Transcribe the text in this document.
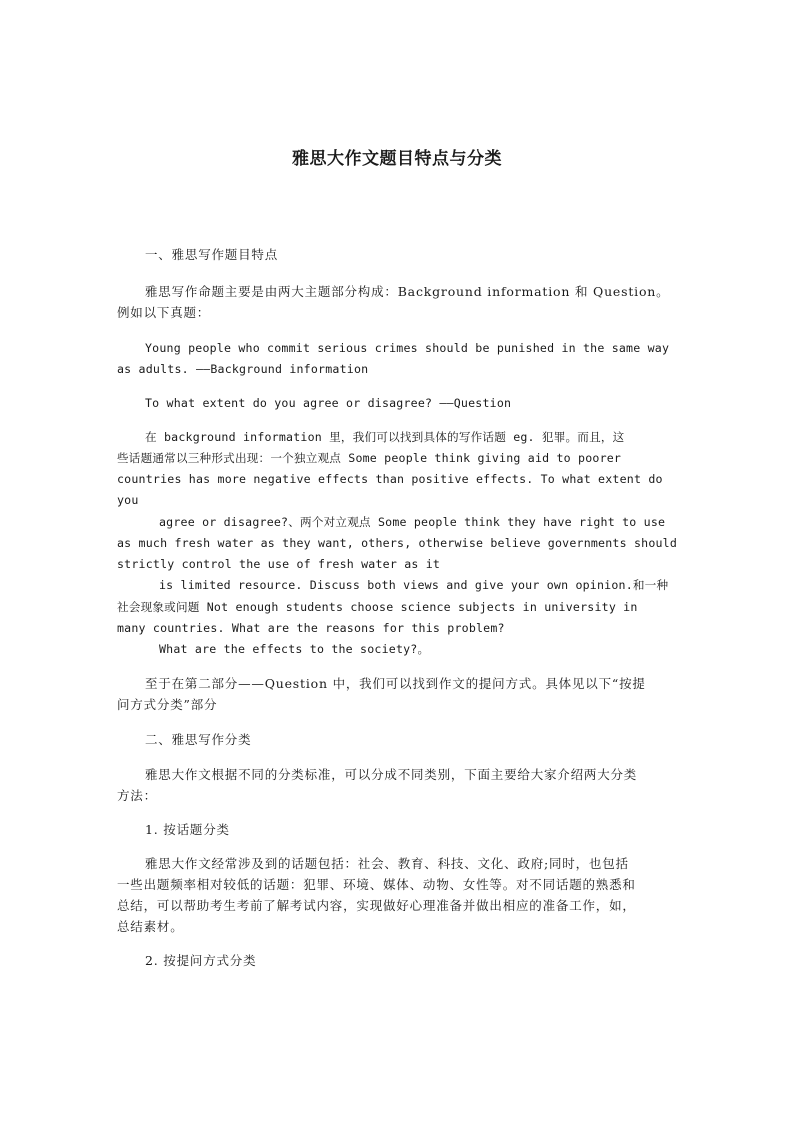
雅思大作文题目特点与分类
一、雅思写作题目特点
雅思写作命题主要是由两大主题部分构成：Background information 和 Question。
例如以下真题：
Young people who commit serious crimes should be punished in the same way
as adults. ——Background information
To what extent do you agree or disagree? ——Question
在 background information 里，我们可以找到具体的写作话题 eg. 犯罪。而且，这
些话题通常以三种形式出现：一个独立观点 Some people think giving aid to poorer
countries has more negative effects than positive effects. To what extent do
you
agree or disagree?、两个对立观点 Some people think they have right to use
as much fresh water as they want, others, otherwise believe governments should
strictly control the use of fresh water as it
is limited resource. Discuss both views and give your own opinion.和一种
社会现象或问题 Not enough students choose science subjects in university in
many countries. What are the reasons for this problem?
What are the effects to the society?。
至于在第二部分——Question 中，我们可以找到作文的提问方式。具体见以下“按提
问方式分类”部分
二、雅思写作分类
雅思大作文根据不同的分类标准，可以分成不同类别，下面主要给大家介绍两大分类
方法：
1. 按话题分类
雅思大作文经常涉及到的话题包括：社会、教育、科技、文化、政府;同时，也包括
一些出题频率相对较低的话题：犯罪、环境、媒体、动物、女性等。对不同话题的熟悉和
总结，可以帮助考生考前了解考试内容，实现做好心理准备并做出相应的准备工作，如，
总结素材。
2. 按提问方式分类
